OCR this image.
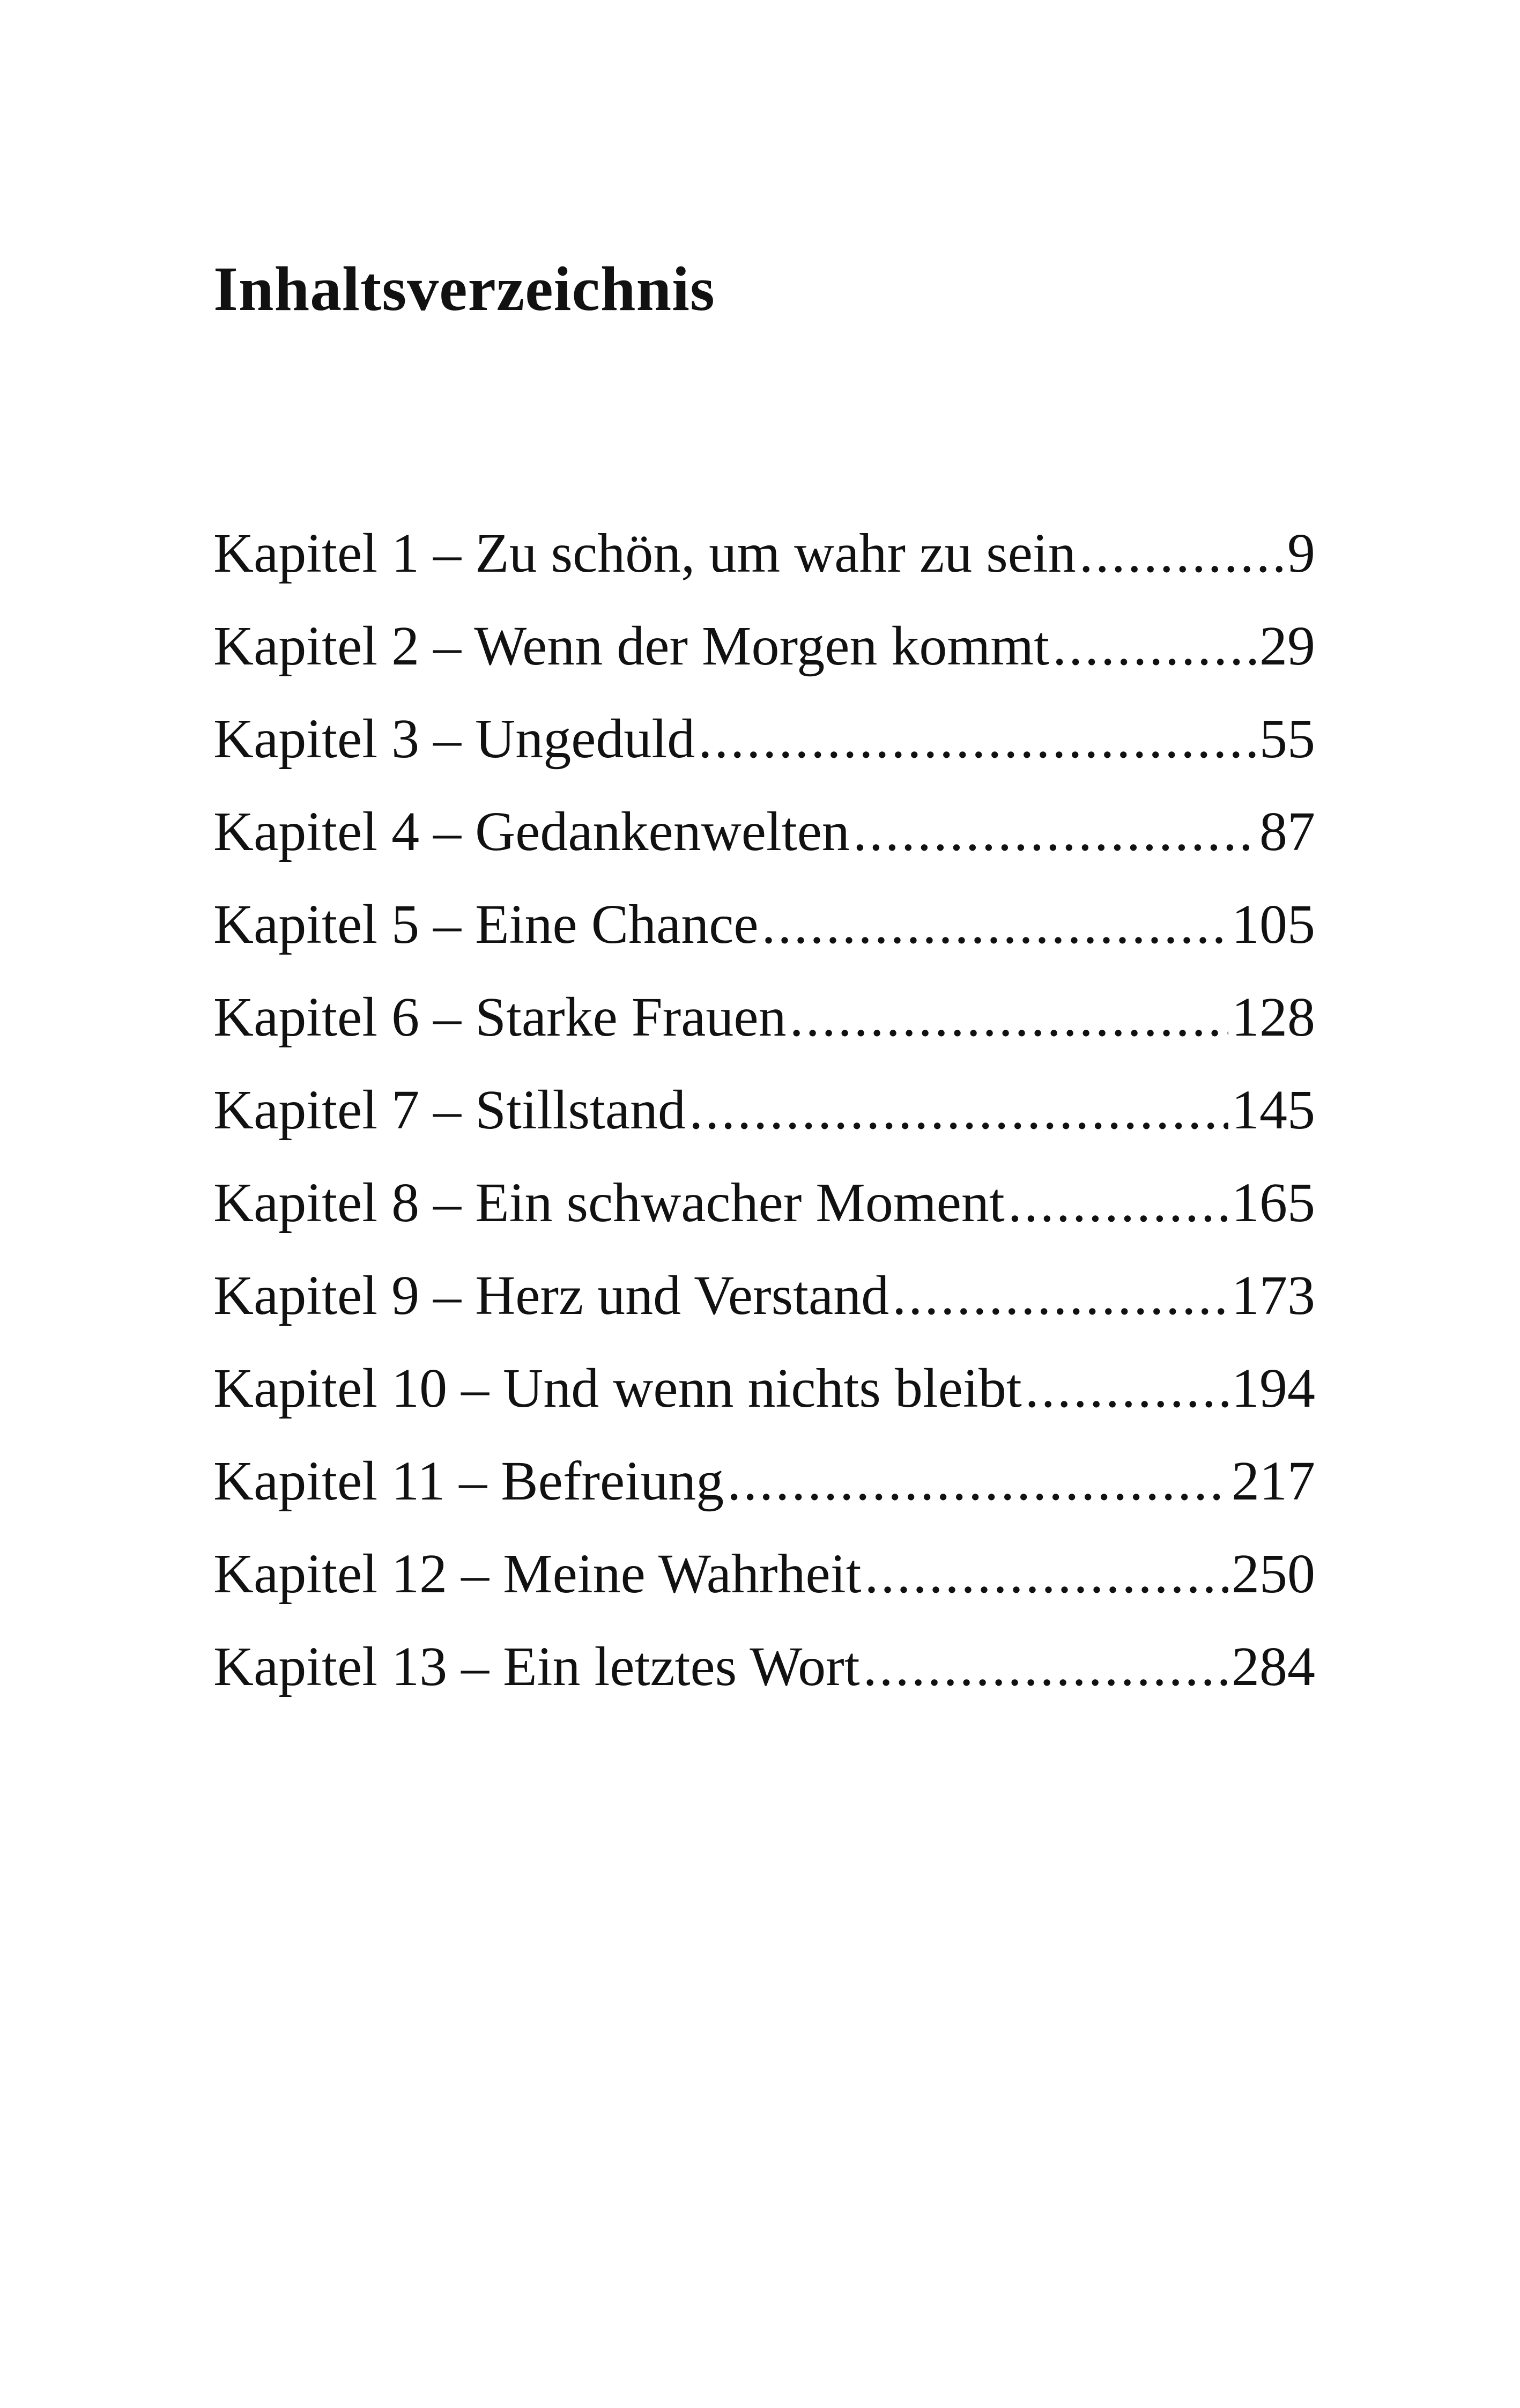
Inhaltsverzeichnis
Kapitel 1 – Zu schön, um wahr zu sein .....	9
Kapitel 2 – Wenn der Morgen kommt .....	29
Kapitel 3 – Ungeduld .....	55
Kapitel 4 – Gedankenwelten .....	87
Kapitel 5 – Eine Chance .....	105
Kapitel 6 – Starke Frauen .....	128
Kapitel 7 – Stillstand .....	145
Kapitel 8 – Ein schwacher Moment .....	165
Kapitel 9 – Herz und Verstand .....	173
Kapitel 10 – Und wenn nichts bleibt .....	194
Kapitel 11 – Befreiung .....	217
Kapitel 12 – Meine Wahrheit .....	250
Kapitel 13 – Ein letztes Wort .....	284
